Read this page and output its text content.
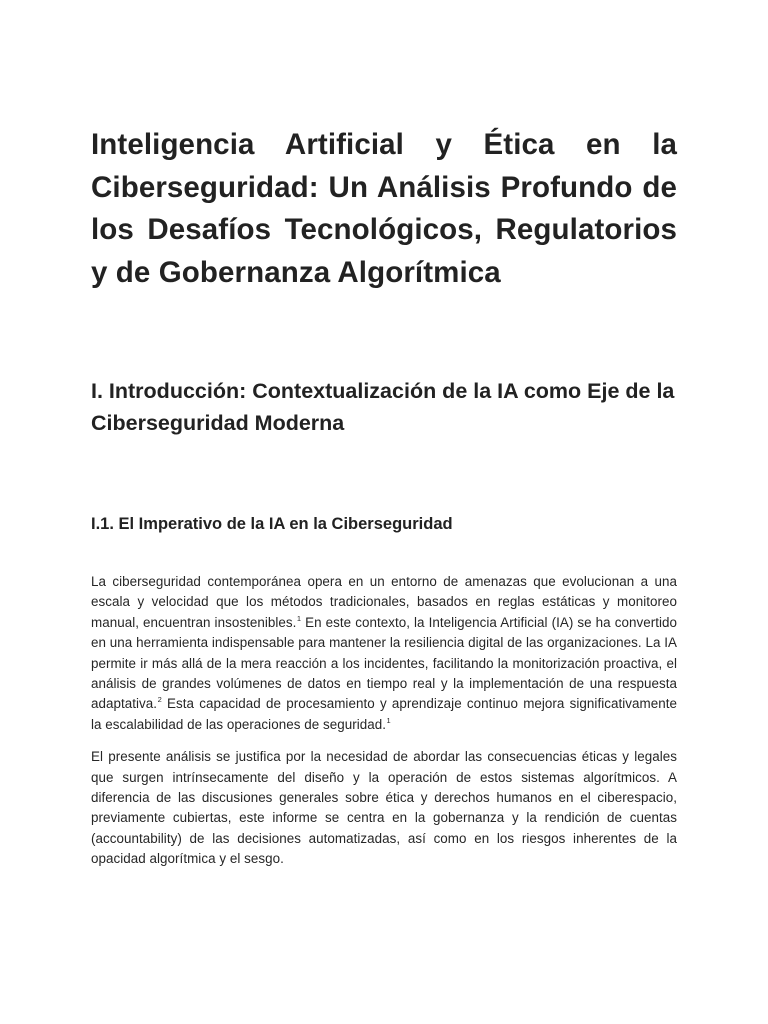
Inteligencia Artificial y Ética en la Ciberseguridad: Un Análisis Profundo de los Desafíos Tecnológicos, Regulatorios y de Gobernanza Algorítmica
I. Introducción: Contextualización de la IA como Eje de la Ciberseguridad Moderna
I.1. El Imperativo de la IA en la Ciberseguridad

La ciberseguridad contemporánea opera en un entorno de amenazas que evolucionan a una escala y velocidad que los métodos tradicionales, basados en reglas estáticas y monitoreo manual, encuentran insostenibles.$^1$ En este contexto, la Inteligencia Artificial (IA) se ha convertido en una herramienta indispensable para mantener la resiliencia digital de las organizaciones. La IA permite ir más allá de la mera reacción a los incidentes, facilitando la monitorización proactiva, el análisis de grandes volúmenes de datos en tiempo real y la implementación de una respuesta adaptativa.$^2$ Esta capacidad de procesamiento y aprendizaje continuo mejora significativamente la escalabilidad de las operaciones de seguridad.$^1$

El presente análisis se justifica por la necesidad de abordar las consecuencias éticas y legales que surgen intrínsecamente del diseño y la operación de estos sistemas algorítmicos. A diferencia de las discusiones generales sobre ética y derechos humanos en el ciberespacio, previamente cubiertas, este informe se centra en la gobernanza y la rendición de cuentas (accountability) de las decisiones automatizadas, así como en los riesgos inherentes de la opacidad algorítmica y el sesgo.
